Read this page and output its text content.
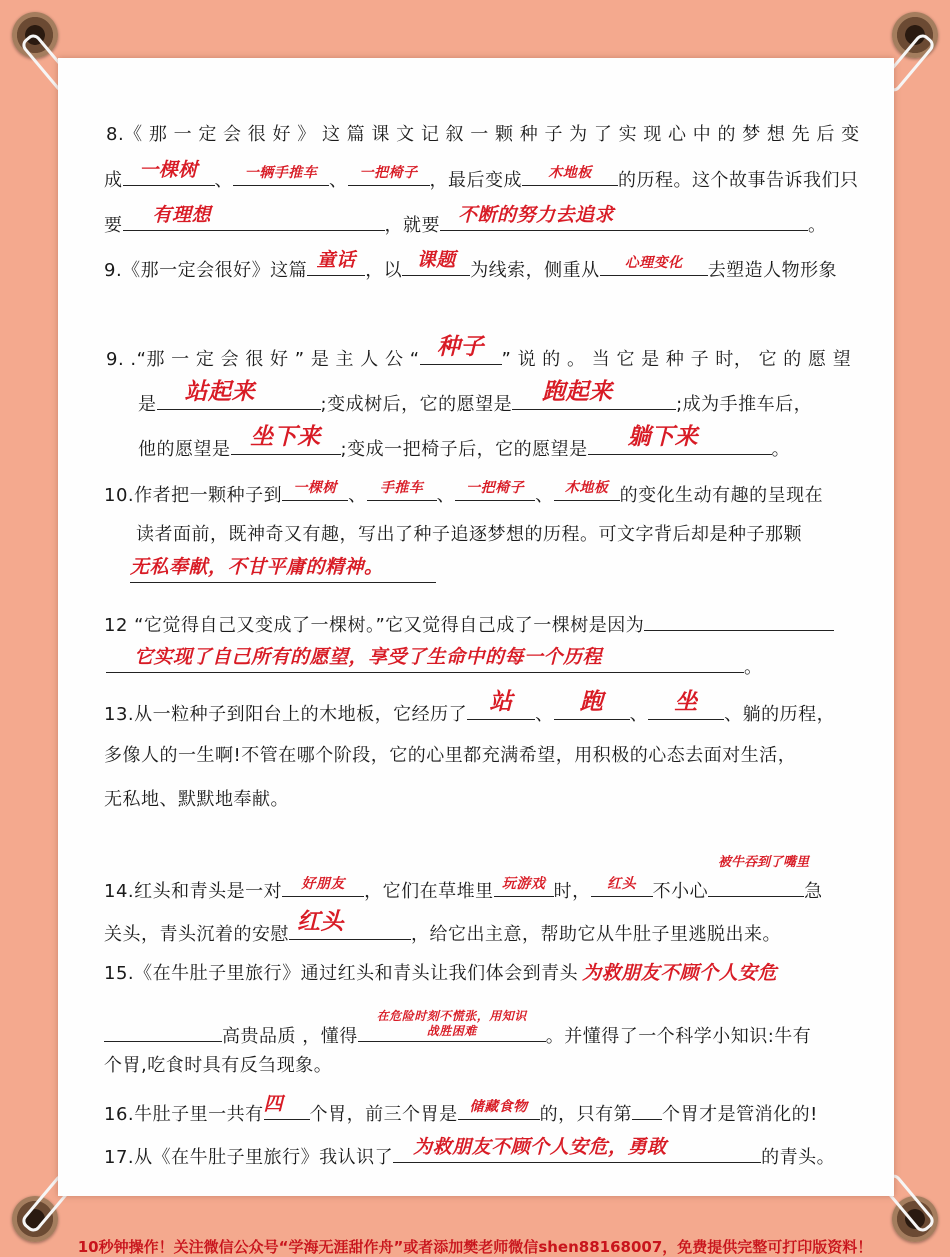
8.《 那 一 定 会 很 好 》 这 篇 课 文 记 叙 一 颗 种 子 为 了 实 现 心 中 的 梦 想 先 后 变
成 一棵树 、 一辆手推车 、 一把椅子 ，最后变成	木地板	的历程。这个故事告诉我们只
要 有理想	，就要 不断的努力去追求	。
9.《那一定会很好》这篇 童话 ，以 课题 为线索，侧重从	心理变化	去塑造人物形象
9. .“那 一 定 会 很 好 ” 是 主 人 公 “ 种子 ” 说 的 。 当 它 是 种 子 时， 它 的 愿 望
是 站起来	;变成树后，它的愿望是 跑起来	;成为手推车后，
他的愿望是 坐下来	;变成一把椅子后，它的愿望是 躺下来	。
10.作者把一颗种子到 一棵树 、 手推车 、 一把椅子 、 木地板 的变化生动有趣的呈现在
读者面前，既神奇又有趣，写出了种子追逐梦想的历程。可文字背后却是种子那颗
无私奉献，不甘平庸的精神。
12 “它觉得自己又变成了一棵树。”它又觉得自己成了一棵树是因为
它实现了自己所有的愿望，享受了生命中的每一个历程	。
13.从一粒种子到阳台上的木地板，它经历了 站	、	跑	、	坐	、躺的历程，
多像人的一生啊!不管在哪个阶段，它的心里都充满希望，用积极的心态去面对生活，
无私地、默默地奉献。
被牛吞到了嘴里
14.红头和青头是一对	好朋友	，它们在草堆里 玩游戏 时，	红头 不小心	急
关头，青头沉着的安慰 红头	，给它出主意，帮助它从牛肚子里逃脱出来。
15.《在牛肚子里旅行》通过红头和青头让我们体会到青头 为救朋友不顾个人安危
高贵品质 ，懂得
在危险时刻不慌张，用知识
战胜困难	。并懂得了一个科学小知识:牛有
个胃,吃食时具有反刍现象。
16.牛肚子里一共有 四	个胃，前三个胃是 储藏食物 的，只有第 个胃才是管消化的!
17.从《在牛肚子里旅行》我认识了 为救朋友不顾个人安危，勇敢	的青头。
10秒钟操作！关注微信公众号“学海无涯甜作舟”或者添加樊老师微信shen88168007，免费提供完整可打印版资料！
